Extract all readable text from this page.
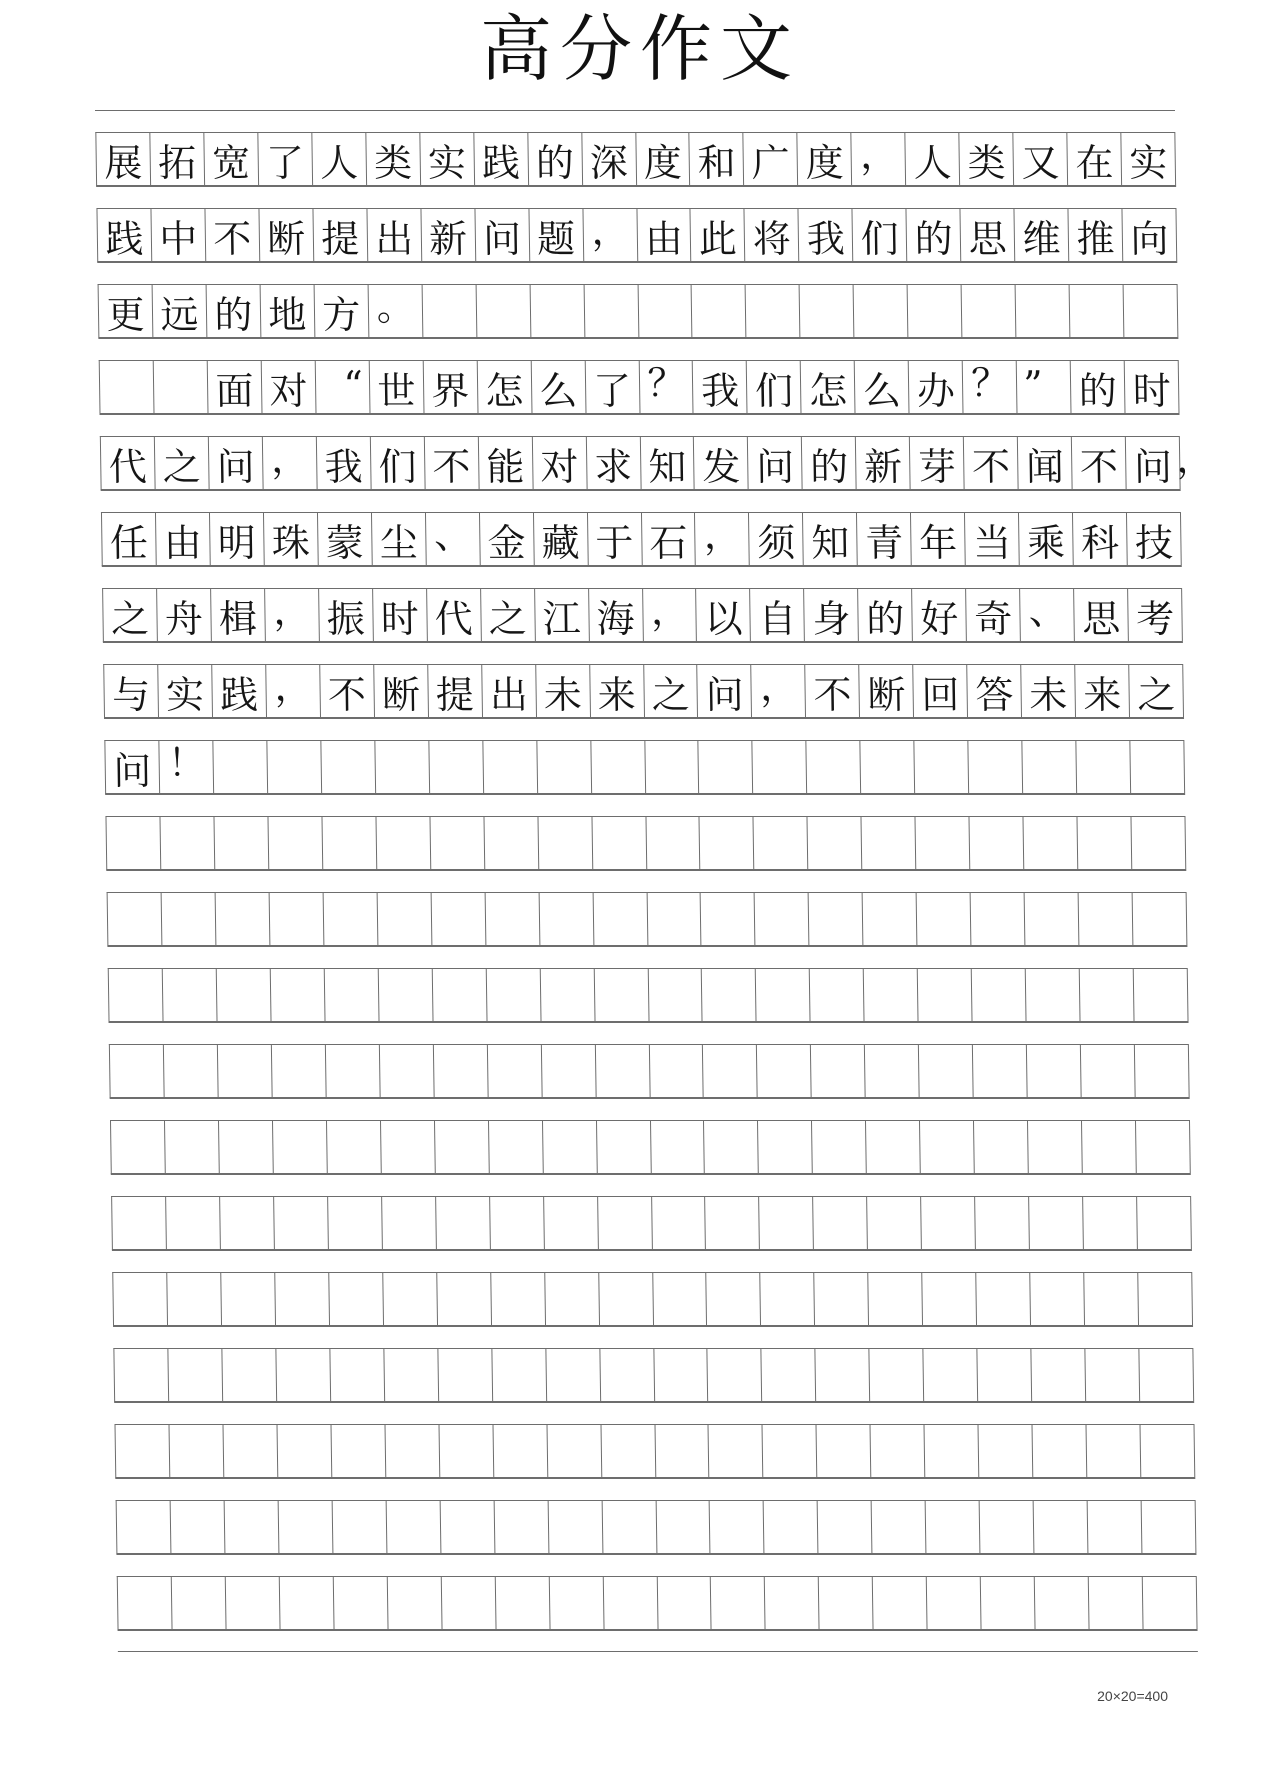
高分作文
展 拓 宽 了 人 类 实 践 的 深 度 和 广 度 ， 人 类 又 在 实
践 中 不 断 提 出 新 问 题 ， 由 此 将 我 们 的 思 维 推 向
更 远 的 地 方 。
面 对 “ 世 界 怎 么 了 ？ 我 们 怎 么 办 ？ ” 的 时
代 之 问 ， 我 们 不 能 对 求 知 发 问 的 新 芽 不 闻 不 问 ，
任 由 明 珠 蒙 尘 、 金 藏 于 石 ， 须 知 青 年 当 乘 科 技
之 舟 楫 ， 振 时 代 之 江 海 ， 以 自 身 的 好 奇 、 思 考
与 实 践 ， 不 断 提 出 未 来 之 问 ， 不 断 回 答 未 来 之
问 ！
20×20=400
